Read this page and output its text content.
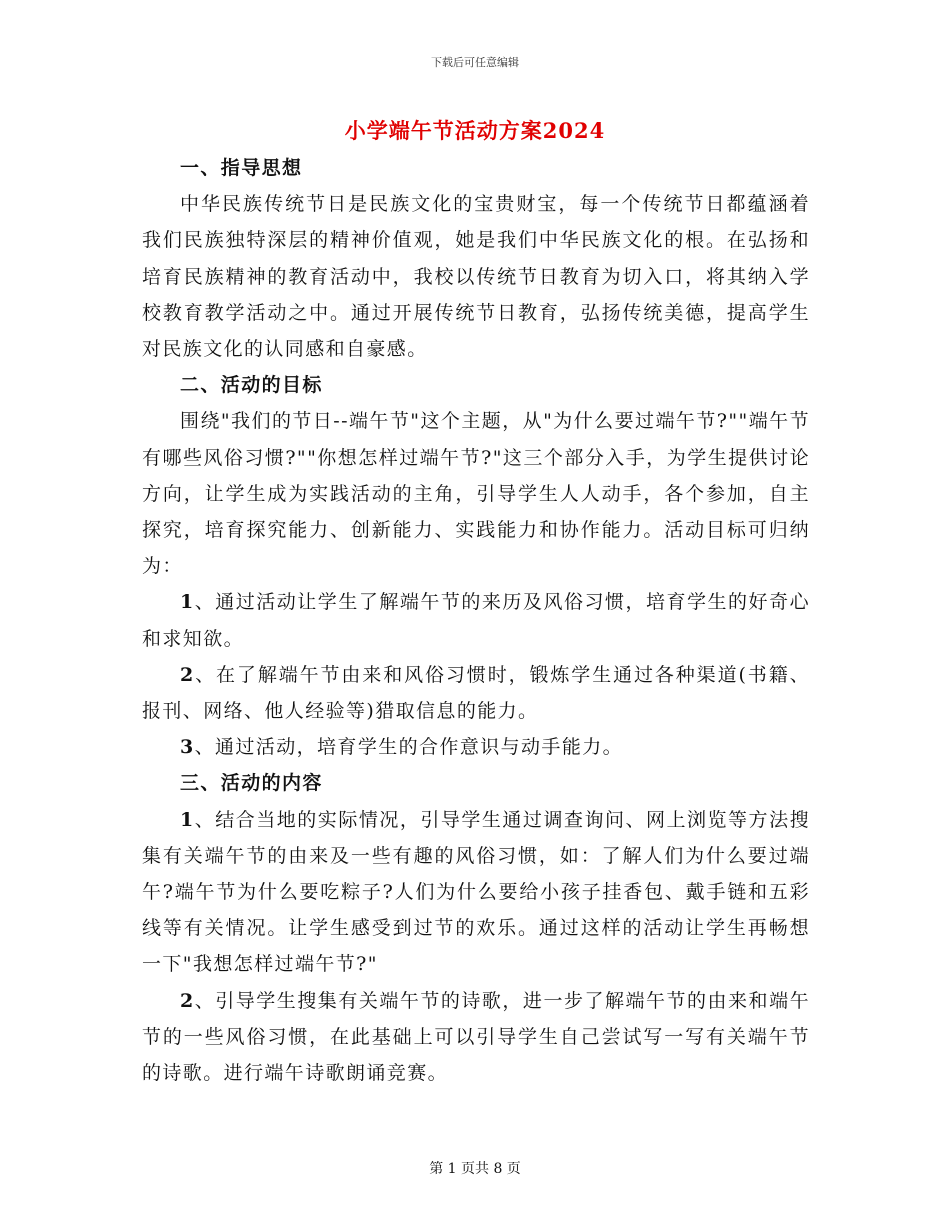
下载后可任意编辑
小学端午节活动方案2024

一、指导思想

中华民族传统节日是民族文化的宝贵财宝，每一个传统节日都蕴涵着我们民族独特深层的精神价值观，她是我们中华民族文化的根。在弘扬和培育民族精神的教育活动中，我校以传统节日教育为切入口，将其纳入学校教育教学活动之中。通过开展传统节日教育，弘扬传统美德，提高学生对民族文化的认同感和自豪感。

二、活动的目标

围绕"我们的节日--端午节"这个主题，从"为什么要过端午节?""端午节有哪些风俗习惯?""你想怎样过端午节?"这三个部分入手，为学生提供讨论方向，让学生成为实践活动的主角，引导学生人人动手，各个参加，自主探究，培育探究能力、创新能力、实践能力和协作能力。活动目标可归纳为：

1、通过活动让学生了解端午节的来历及风俗习惯，培育学生的好奇心和求知欲。

2、在了解端午节由来和风俗习惯时，锻炼学生通过各种渠道(书籍、报刊、网络、他人经验等)猎取信息的能力。

3、通过活动，培育学生的合作意识与动手能力。

三、活动的内容

1、结合当地的实际情况，引导学生通过调查询问、网上浏览等方法搜集有关端午节的由来及一些有趣的风俗习惯，如：了解人们为什么要过端午?端午节为什么要吃粽子?人们为什么要给小孩子挂香包、戴手链和五彩线等有关情况。让学生感受到过节的欢乐。通过这样的活动让学生再畅想一下"我想怎样过端午节?"

2、引导学生搜集有关端午节的诗歌，进一步了解端午节的由来和端午节的一些风俗习惯，在此基础上可以引导学生自己尝试写一写有关端午节的诗歌。进行端午诗歌朗诵竞赛。

第 1 页共 8 页
